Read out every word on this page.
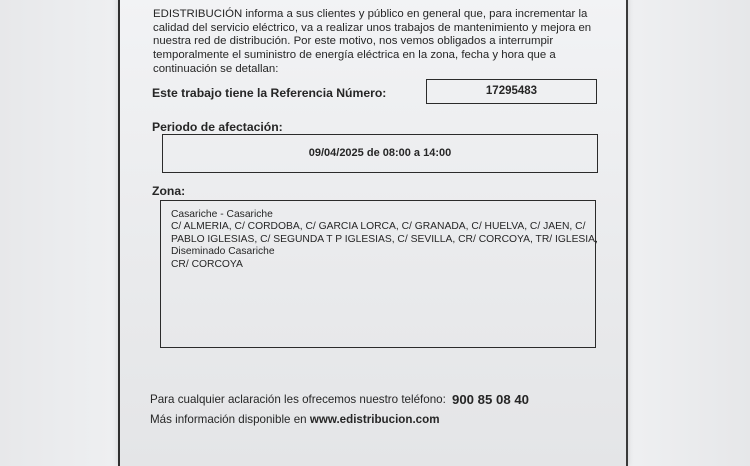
EDISTRIBUCIÓN informa a sus clientes y público en general que, para incrementar la
calidad del servicio eléctrico, va a realizar unos trabajos de mantenimiento y mejora en
nuestra red de distribución. Por este motivo, nos vemos obligados a interrumpir
temporalmente el suministro de energía eléctrica en la zona, fecha y hora que a
continuación se detallan:
Este trabajo tiene la Referencia Número:	17295483
Periodo de afectación:
09/04/2025 de 08:00 a 14:00
Zona:
Casariche - Casariche
C/ ALMERIA, C/ CORDOBA, C/ GARCIA LORCA, C/ GRANADA, C/ HUELVA, C/ JAEN, C/
PABLO IGLESIAS, C/ SEGUNDA T P IGLESIAS, C/ SEVILLA, CR/ CORCOYA, TR/ IGLESIA,
Diseminado Casariche
CR/ CORCOYA
Para cualquier aclaración les ofrecemos nuestro teléfono: 900 85 08 40
Más información disponible en www.edistribucion.com
